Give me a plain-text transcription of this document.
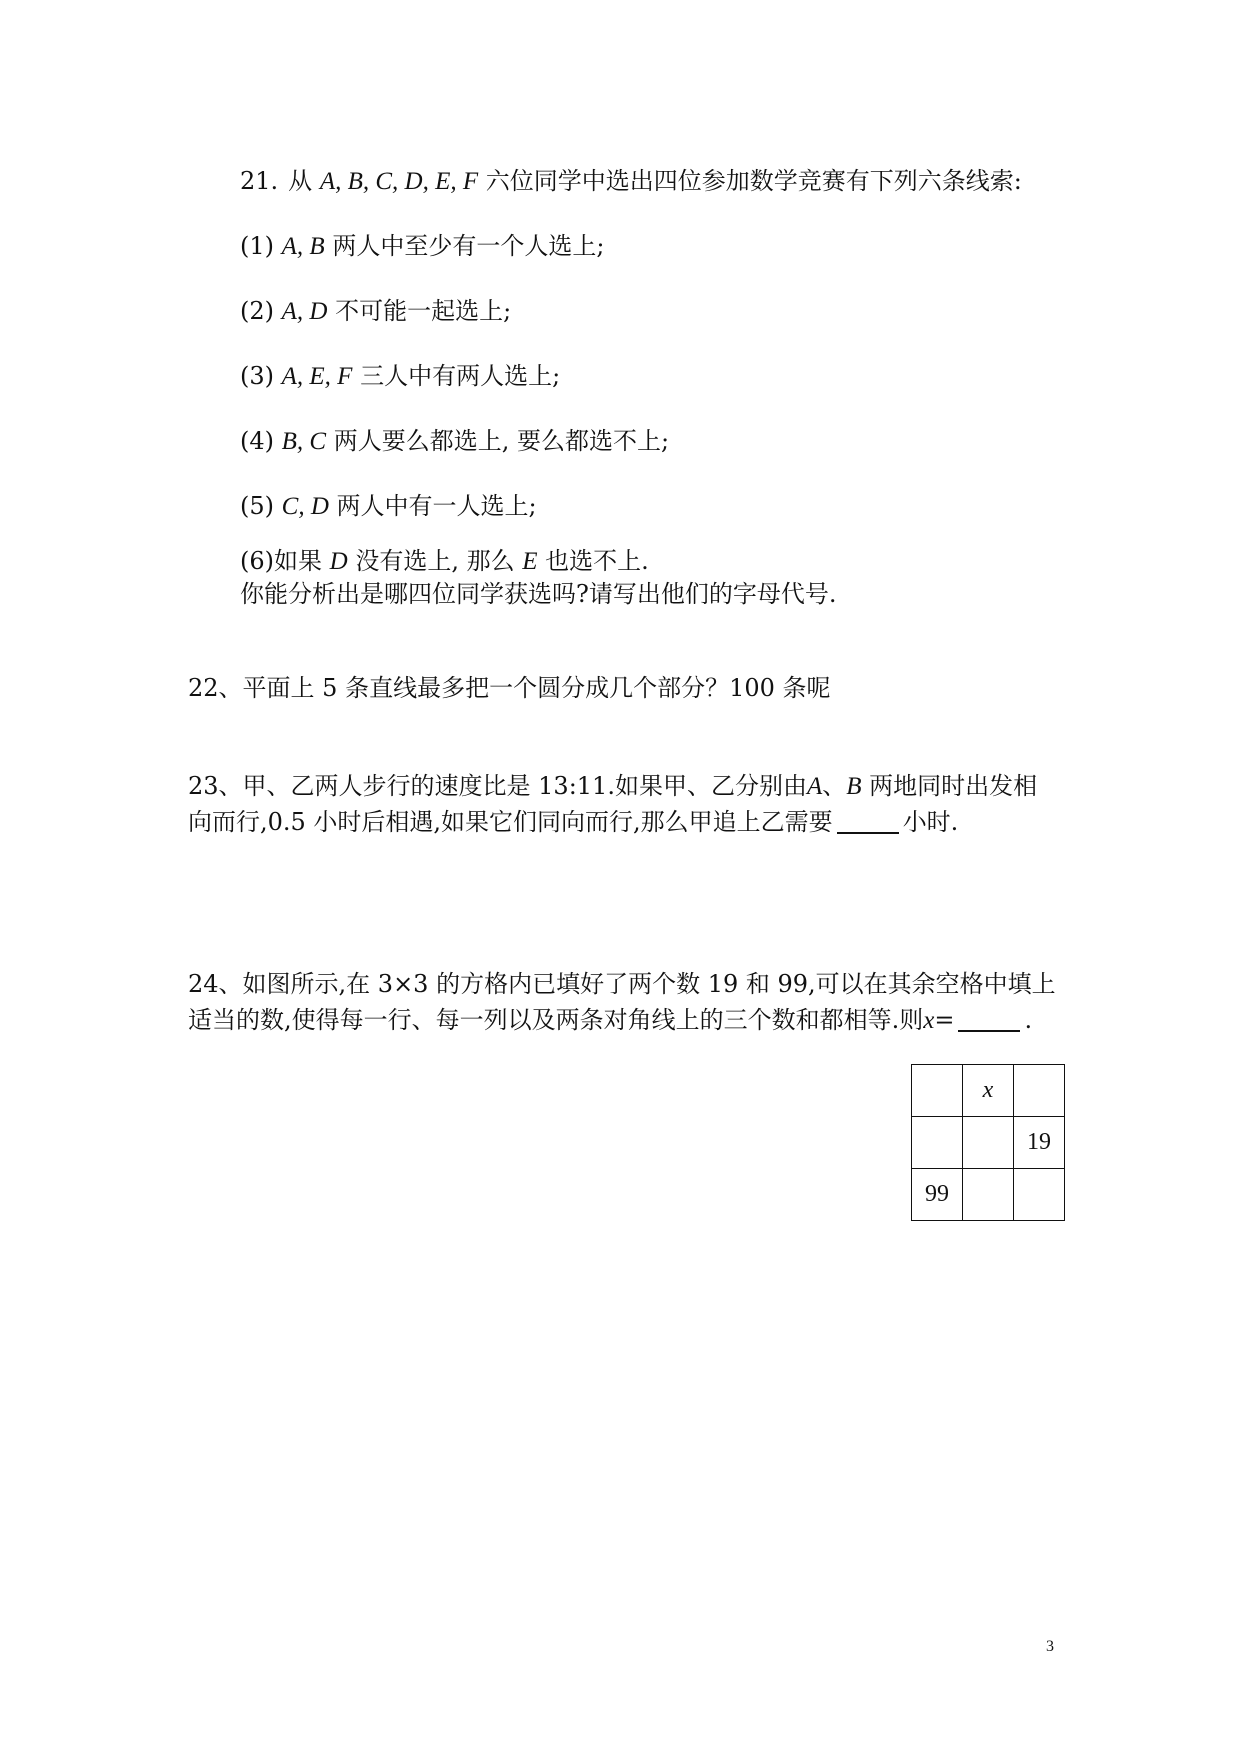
21. 从 A, B, C, D, E, F 六位同学中选出四位参加数学竞赛有下列六条线索:
(1) A, B 两人中至少有一个人选上;
(2) A, D 不可能一起选上;
(3) A, E, F 三人中有两人选上;
(4) B, C 两人要么都选上, 要么都选不上;
(5) C, D 两人中有一人选上;
(6)如果 D 没有选上, 那么 E 也选不上.
你能分析出是哪四位同学获选吗?请写出他们的字母代号.
22、平面上 5 条直线最多把一个圆分成几个部分？100 条呢
23、甲、乙两人步行的速度比是 13:11.如果甲、乙分别由A、B 两地同时出发相
向而行,0.5 小时后相遇,如果它们同向而行,那么甲追上乙需要	小时.
24、如图所示,在 3×3 的方格内已填好了两个数 19 和 99,可以在其余空格中填上
适当的数,使得每一行、每一列以及两条对角线上的三个数和都相等.则x=	.
	x	
		19
99		
3
